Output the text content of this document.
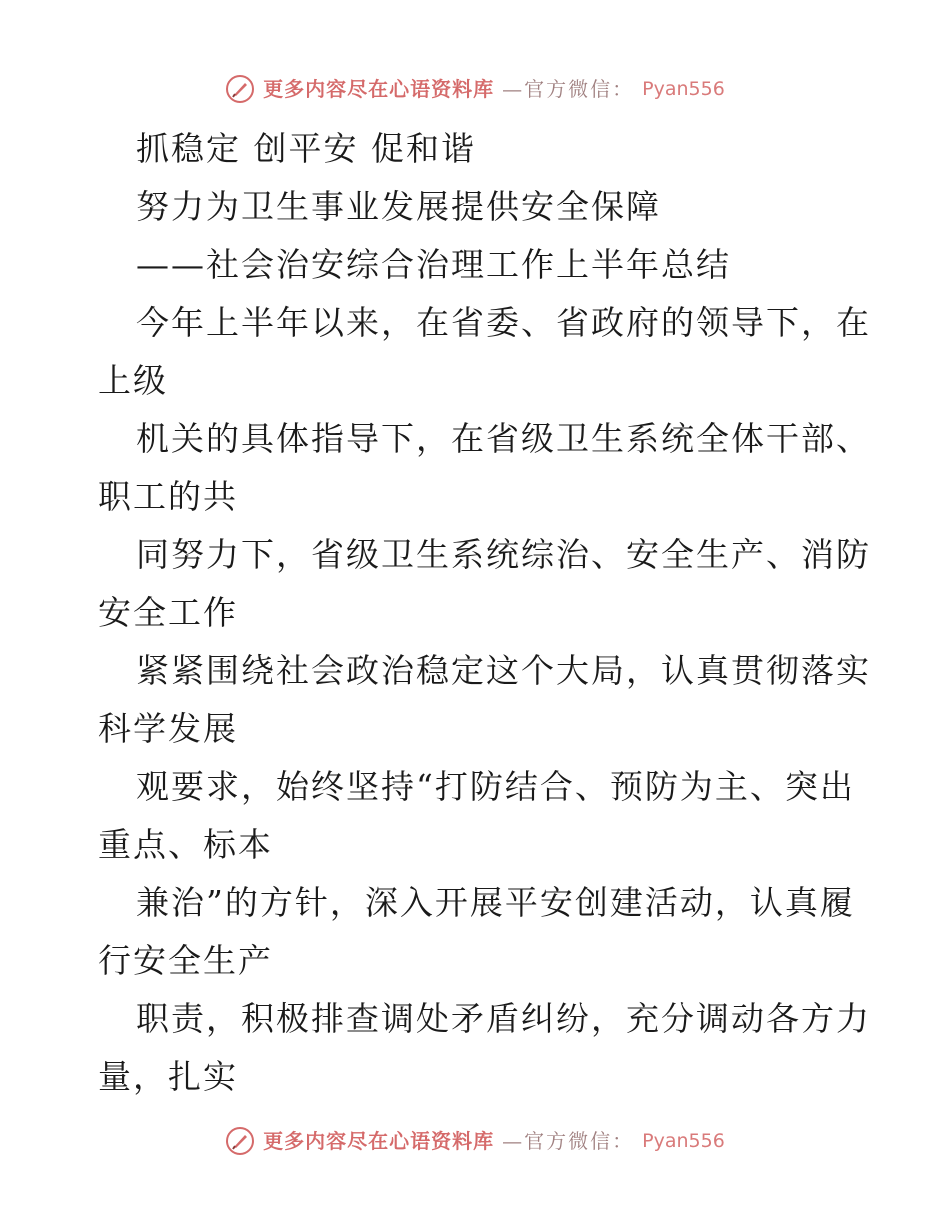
更多内容尽在心语资料库 —官方微信： Pyan556
抓稳定 创平安 促和谐
努力为卫生事业发展提供安全保障
——社会治安综合治理工作上半年总结
今年上半年以来，在省委、省政府的领导下，在
上级
机关的具体指导下，在省级卫生系统全体干部、
职工的共
同努力下，省级卫生系统综治、安全生产、消防
安全工作
紧紧围绕社会政治稳定这个大局，认真贯彻落实
科学发展
观要求，始终坚持“打防结合、预防为主、突出
重点、标本
兼治”的方针，深入开展平安创建活动，认真履
行安全生产
职责，积极排查调处矛盾纠纷，充分调动各方力
量，扎实
更多内容尽在心语资料库 —官方微信： Pyan556
